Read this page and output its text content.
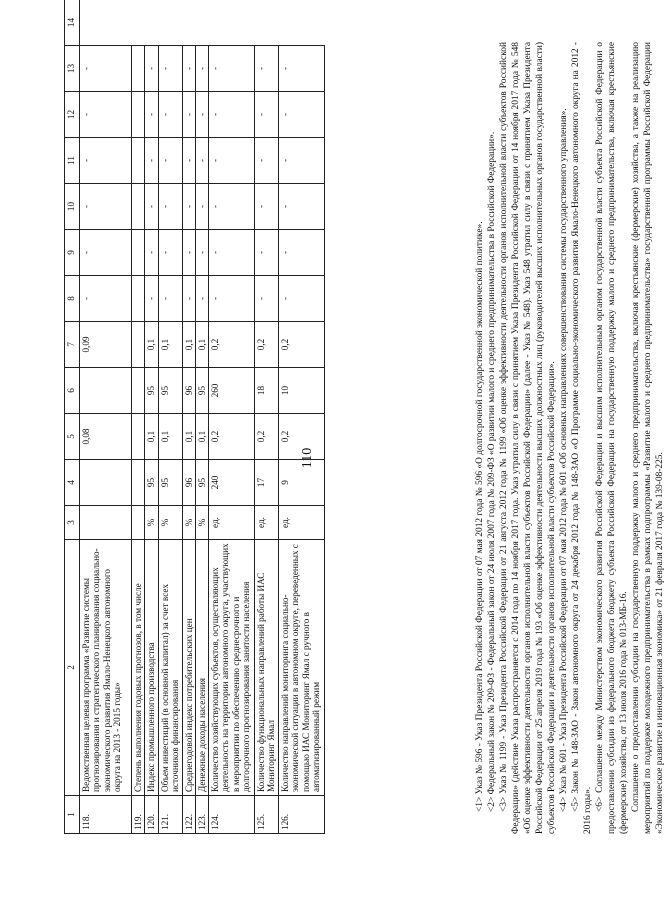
110
1	2	3	4	5	6	7	8	9	10	11	12	13	14
118.	Ведомственная целевая программа «Развитие системы прогнозирования и стратегического планирования социально-экономического развития Ямало-Ненецкого автономного округа на 2013 - 2015 годы»			0,08		0,09	-	-	-	-	-	-	
119.	Степень выполнения годовых прогнозов, в том числе												
120.	Индекс промышленного производства	%	95	0,1	95	0,1	-	-	-	-	-	-	
121.	Объем инвестиций (в основной капитал) за счет всех источников финансирования	%	95	0,1	95	0,1	-	-	-	-	-	-	
122.	Среднегодовой индекс потребительских цен	%	96	0,1	96	0,1	-	-	-	-	-	-	
123.	Денежные доходы населения	%	95	0,1	95	0,1	-	-	-	-	-	-	
124.	Количество хозяйствующих субъектов, осуществляющих деятельность на территории автономного округа, участвующих в мероприятии по обеспечению среднесрочного и долгосрочного прогнозирования занятости населения	ед.	240	0,2	260	0,2	-	-	-	-	-	-	
125.	Количество функциональных направлений работы ИАС Мониторинг Ямал	ед.	17	0,2	18	0,2	-	-	-	-	-	-	
126.	Количество направлений мониторинга социально-экономической ситуации в автономном округе, переведенных с помощью ИАС Мониторинг Ямал с ручного в автоматизированный режим	ед.	9	0,2	10	0,2	-	-	-	-	-	-	

<1> Указ № 596 - Указ Президента Российской Федерации от 07 мая 2012 года № 596 «О долгосрочной государственной экономической политике». <2> Федеральный закон № 209-ФЗ - Федеральный закон от 24 июля 2007 года № 209-ФЗ «О развитии малого и среднего предпринимательства в Российской Федерации». <3> Указ № 1199 - Указ Президента Российской Федерации от 21 августа 2012 года № 1199 «Об оценке эффективности деятельности органов исполнительной власти субъектов Российской Федерации» (действие Указа распространяется с 2014 года по 14 ноября 2017 года. Указ утратил силу в связи с принятием Указа Президента Российской Федерации от 14 ноября 2017 года № 548 «Об оценке эффективности деятельности органов исполнительной власти субъектов Российской Федерации» (далее - Указ № 548). Указ 548 утратил силу в связи с принятием Указа Президента Российской Федерации от 25 апреля 2019 года № 193 «Об оценке эффективности деятельности высших должностных лиц (руководителей высших исполнительных органов государственной власти) субъектов Российской Федерации и деятельности органов исполнительной власти субъектов Российской Федерации». <4> Указ № 601 - Указ Президента Российской Федерации от 07 мая 2012 года № 601 «Об основных направлениях совершенствования системы государственного управления». <5> Закон № 148-ЗАО - Закон автономного округа от 24 декабря 2012 года № 148-ЗАО «О Программе социально-экономического развития Ямало-Ненецкого автономного округа на 2012 - 2016 годы». <6> Соглашение между Министерством экономического развития Российской Федерации и высшим исполнительным органом государственной власти субъекта Российской Федерации о предоставлении субсидии из федерального бюджета бюджету субъекта Российской Федерации на государственную поддержку малого и среднего предпринимательства, включая крестьянские (фермерские) хозяйства, от 13 июля 2016 года № 013-МБ-16. Соглашение о предоставлении субсидии на государственную поддержку малого и среднего предпринимательства, включая крестьянские (фермерские) хозяйства, а также на реализацию мероприятий по поддержке молодежного предпринимательства в рамках подпрограммы «Развитие малого и среднего предпринимательства» государственной программы Российской Федерации «Экономическое развитие и инновационная экономика» от 21 февраля 2017 года № 139-08-225.
